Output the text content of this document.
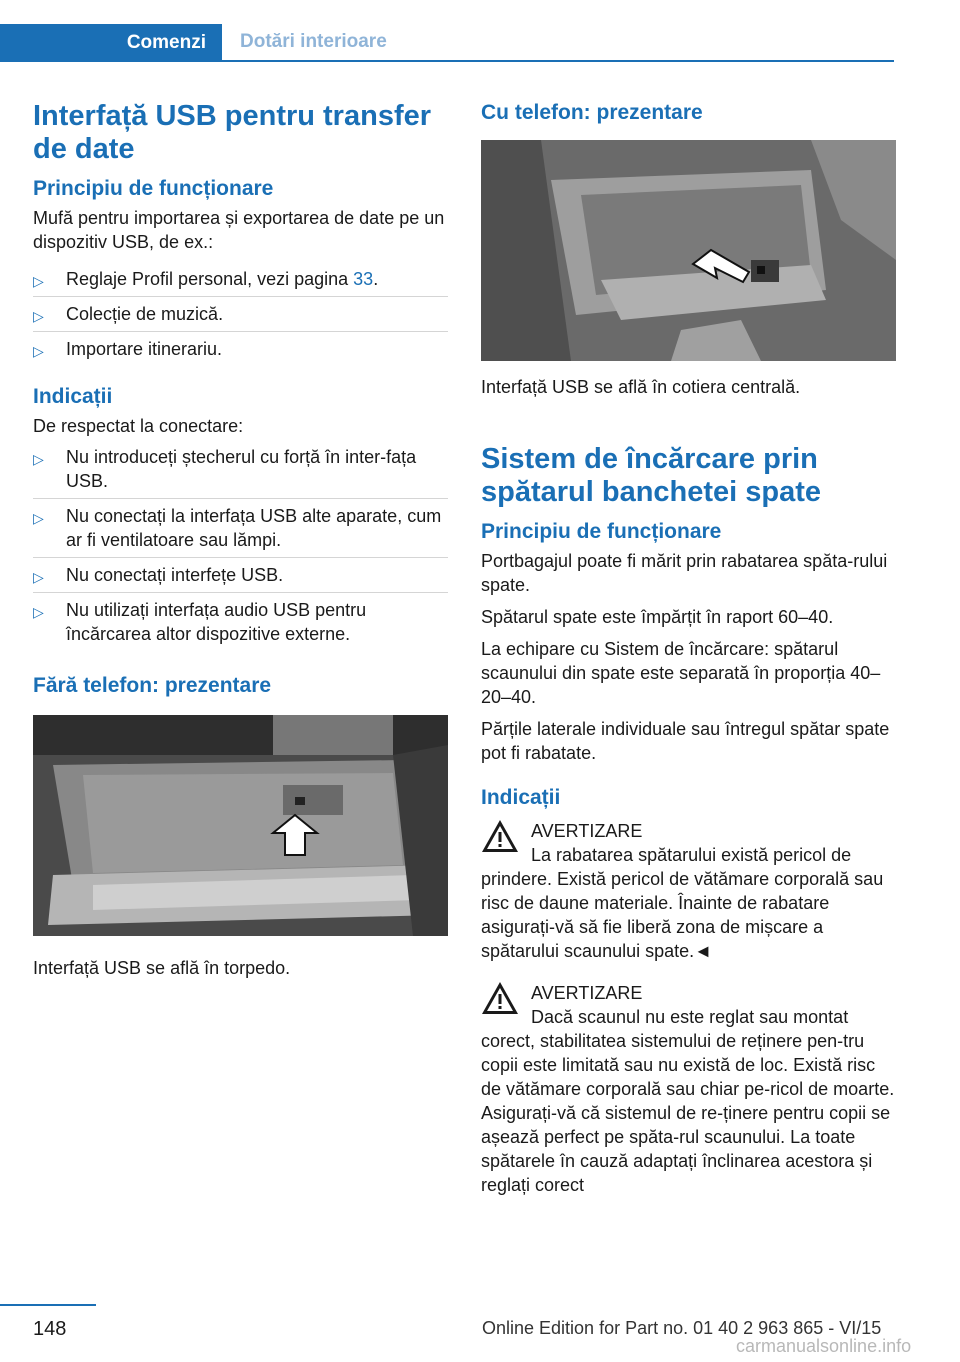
Comenzi	Dotări interioare
Interfață USB pentru transfer de date
Principiu de funcționare

Mufă pentru importarea și exportarea de date pe un dispozitiv USB, de ex.:

▷ Reglaje Profil personal, vezi pagina 33.
▷ Colecție de muzică.
▷ Importare itinerariu.
Indicații

De respectat la conectare:

▷ Nu introduceți ștecherul cu forță în inter-fața USB.
▷ Nu conectați la interfața USB alte aparate, cum ar fi ventilatoare sau lămpi.
▷ Nu conectați interfețe USB.
▷ Nu utilizați interfața audio USB pentru încărcarea altor dispozitive externe.
Fără telefon: prezentare

Interfață USB se află în torpedo.

Cu telefon: prezentare

Interfață USB se află în cotiera centrală.

Sistem de încărcare prin spătarul banchetei spate
Principiu de funcționare

Portbagajul poate fi mărit prin rabatarea spăta-rului spate.

Spătarul spate este împărțit în raport 60–40.

La echipare cu Sistem de încărcare: spătarul scaunului din spate este separată în proporția 40–20–40.

Părțile laterale individuale sau întregul spătar spate pot fi rabatate.

Indicații
AVERTIZARE
La rabatarea spătarului există pericol de
prindere. Există pericol de vătămare corporală sau risc de daune materiale. Înainte de rabatare asigurați-vă să fie liberă zona de mișcare a spătarului scaunului spate.◄
AVERTIZARE
Dacă scaunul nu este reglat sau montat
corect, stabilitatea sistemului de reținere pen-tru copii este limitată sau nu există de loc. Există risc de vătămare corporală sau chiar pe-ricol de moarte. Asigurați-vă că sistemul de re-ținere pentru copii se așează perfect pe spăta-rul scaunului. La toate spătarele în cauză adaptați înclinarea acestora și reglați corect
148	Online Edition for Part no. 01 40 2 963 865 - VI/15
carmanualsonline.info
